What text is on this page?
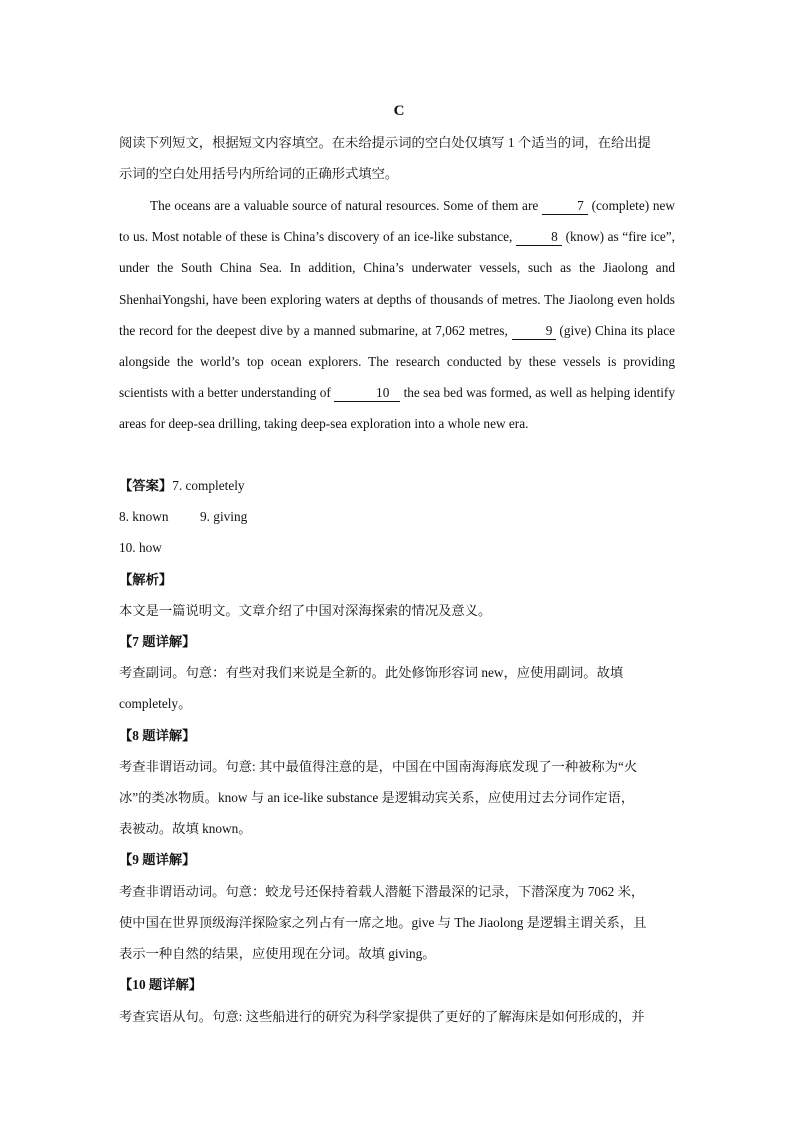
C
阅读下列短文，根据短文内容填空。在未给提示词的空白处仅填写 1 个适当的词，在给出提
示词的空白处用括号内所给词的正确形式填空。
The oceans are a valuable source of natural resources. Some of them are	7 (complete) new to us. Most notable of these is China’s discovery of an ice-like substance,	8 (know) as “fire ice”, under the South China Sea. In addition, China’s underwater vessels, such as the Jiaolong and ShenhaiYongshi, have been exploring waters at depths of thousands of metres. The Jiaolong even holds the record for the deepest dive by a manned submarine, at 7,062 metres,	9 (give) China its place alongside the world’s top ocean explorers. The research conducted by these vessels is providing scientists with a better understanding of	10 the sea bed was formed, as well as helping identify areas for deep-sea drilling, taking deep-sea exploration into a whole new era.
【答案】7. completely
8. known 9. giving
10. how
【解析】
本文是一篇说明文。文章介绍了中国对深海探索的情况及意义。
【7 题详解】
考查副词。句意：有些对我们来说是全新的。此处修饰形容词 new，应使用副词。故填
completely。
【8 题详解】
考查非谓语动词。句意: 其中最值得注意的是，中国在中国南海海底发现了一种被称为“火
冰”的类冰物质。know 与 an ice-like substance 是逻辑动宾关系，应使用过去分词作定语，
表被动。故填 known。
【9 题详解】
考查非谓语动词。句意：蛟龙号还保持着载人潜艇下潜最深的记录，下潜深度为 7062 米，
使中国在世界顶级海洋探险家之列占有一席之地。give 与 The Jiaolong 是逻辑主谓关系，且
表示一种自然的结果，应使用现在分词。故填 giving。
【10 题详解】
考查宾语从句。句意: 这些船进行的研究为科学家提供了更好的了解海床是如何形成的，并
